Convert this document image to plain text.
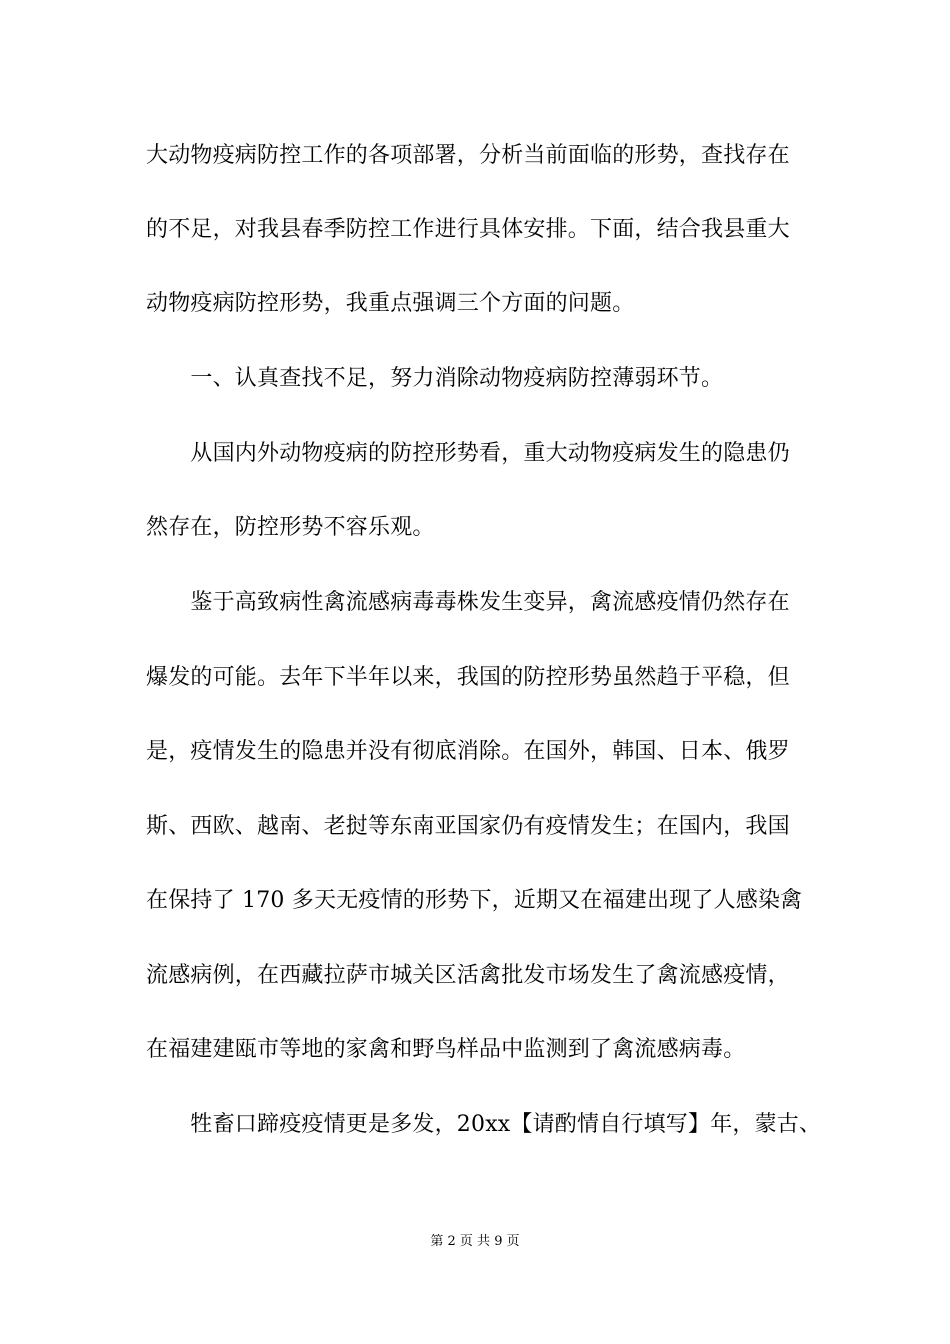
大动物疫病防控工作的各项部署，分析当前面临的形势，查找存在
的不足，对我县春季防控工作进行具体安排。下面，结合我县重大
动物疫病防控形势，我重点强调三个方面的问题。
　　一、认真查找不足，努力消除动物疫病防控薄弱环节。
　　从国内外动物疫病的防控形势看，重大动物疫病发生的隐患仍
然存在，防控形势不容乐观。
　　鉴于高致病性禽流感病毒毒株发生变异，禽流感疫情仍然存在
爆发的可能。去年下半年以来，我国的防控形势虽然趋于平稳，但
是，疫情发生的隐患并没有彻底消除。在国外，韩国、日本、俄罗
斯、西欧、越南、老挝等东南亚国家仍有疫情发生；在国内，我国
在保持了 170 多天无疫情的形势下，近期又在福建出现了人感染禽
流感病例，在西藏拉萨市城关区活禽批发市场发生了禽流感疫情，
在福建建瓯市等地的家禽和野鸟样品中监测到了禽流感病毒。
　　牲畜口蹄疫疫情更是多发，20xx【请酌情自行填写】年，蒙古、
第 2 页 共 9 页
